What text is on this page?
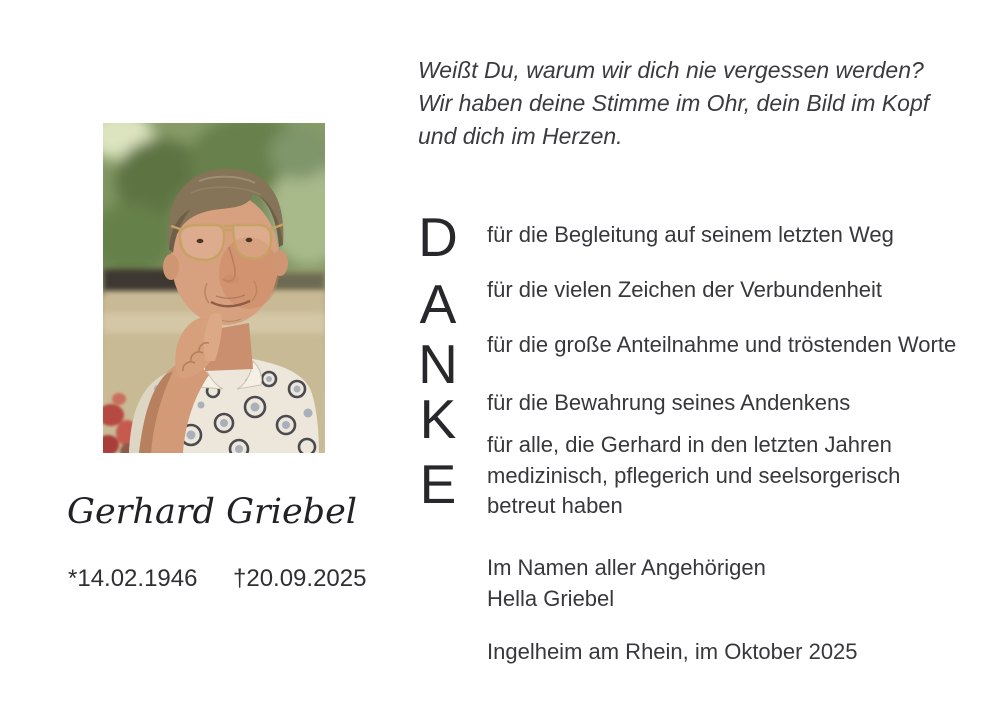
Weißt Du, warum wir dich nie vergessen werden?
Wir haben deine Stimme im Ohr, dein Bild im Kopf
und dich im Herzen.
Gerhard Griebel
*14.02.1946 †20.09.2025
D
A
N
K
E
für die Begleitung auf seinem letzten Weg
für die vielen Zeichen der Verbundenheit
für die große Anteilnahme und tröstenden Worte
für die Bewahrung seines Andenkens
für alle, die Gerhard in den letzten Jahren
medizinisch, pflegerich und seelsorgerisch
betreut haben
Im Namen aller Angehörigen
Hella Griebel
Ingelheim am Rhein, im Oktober 2025
